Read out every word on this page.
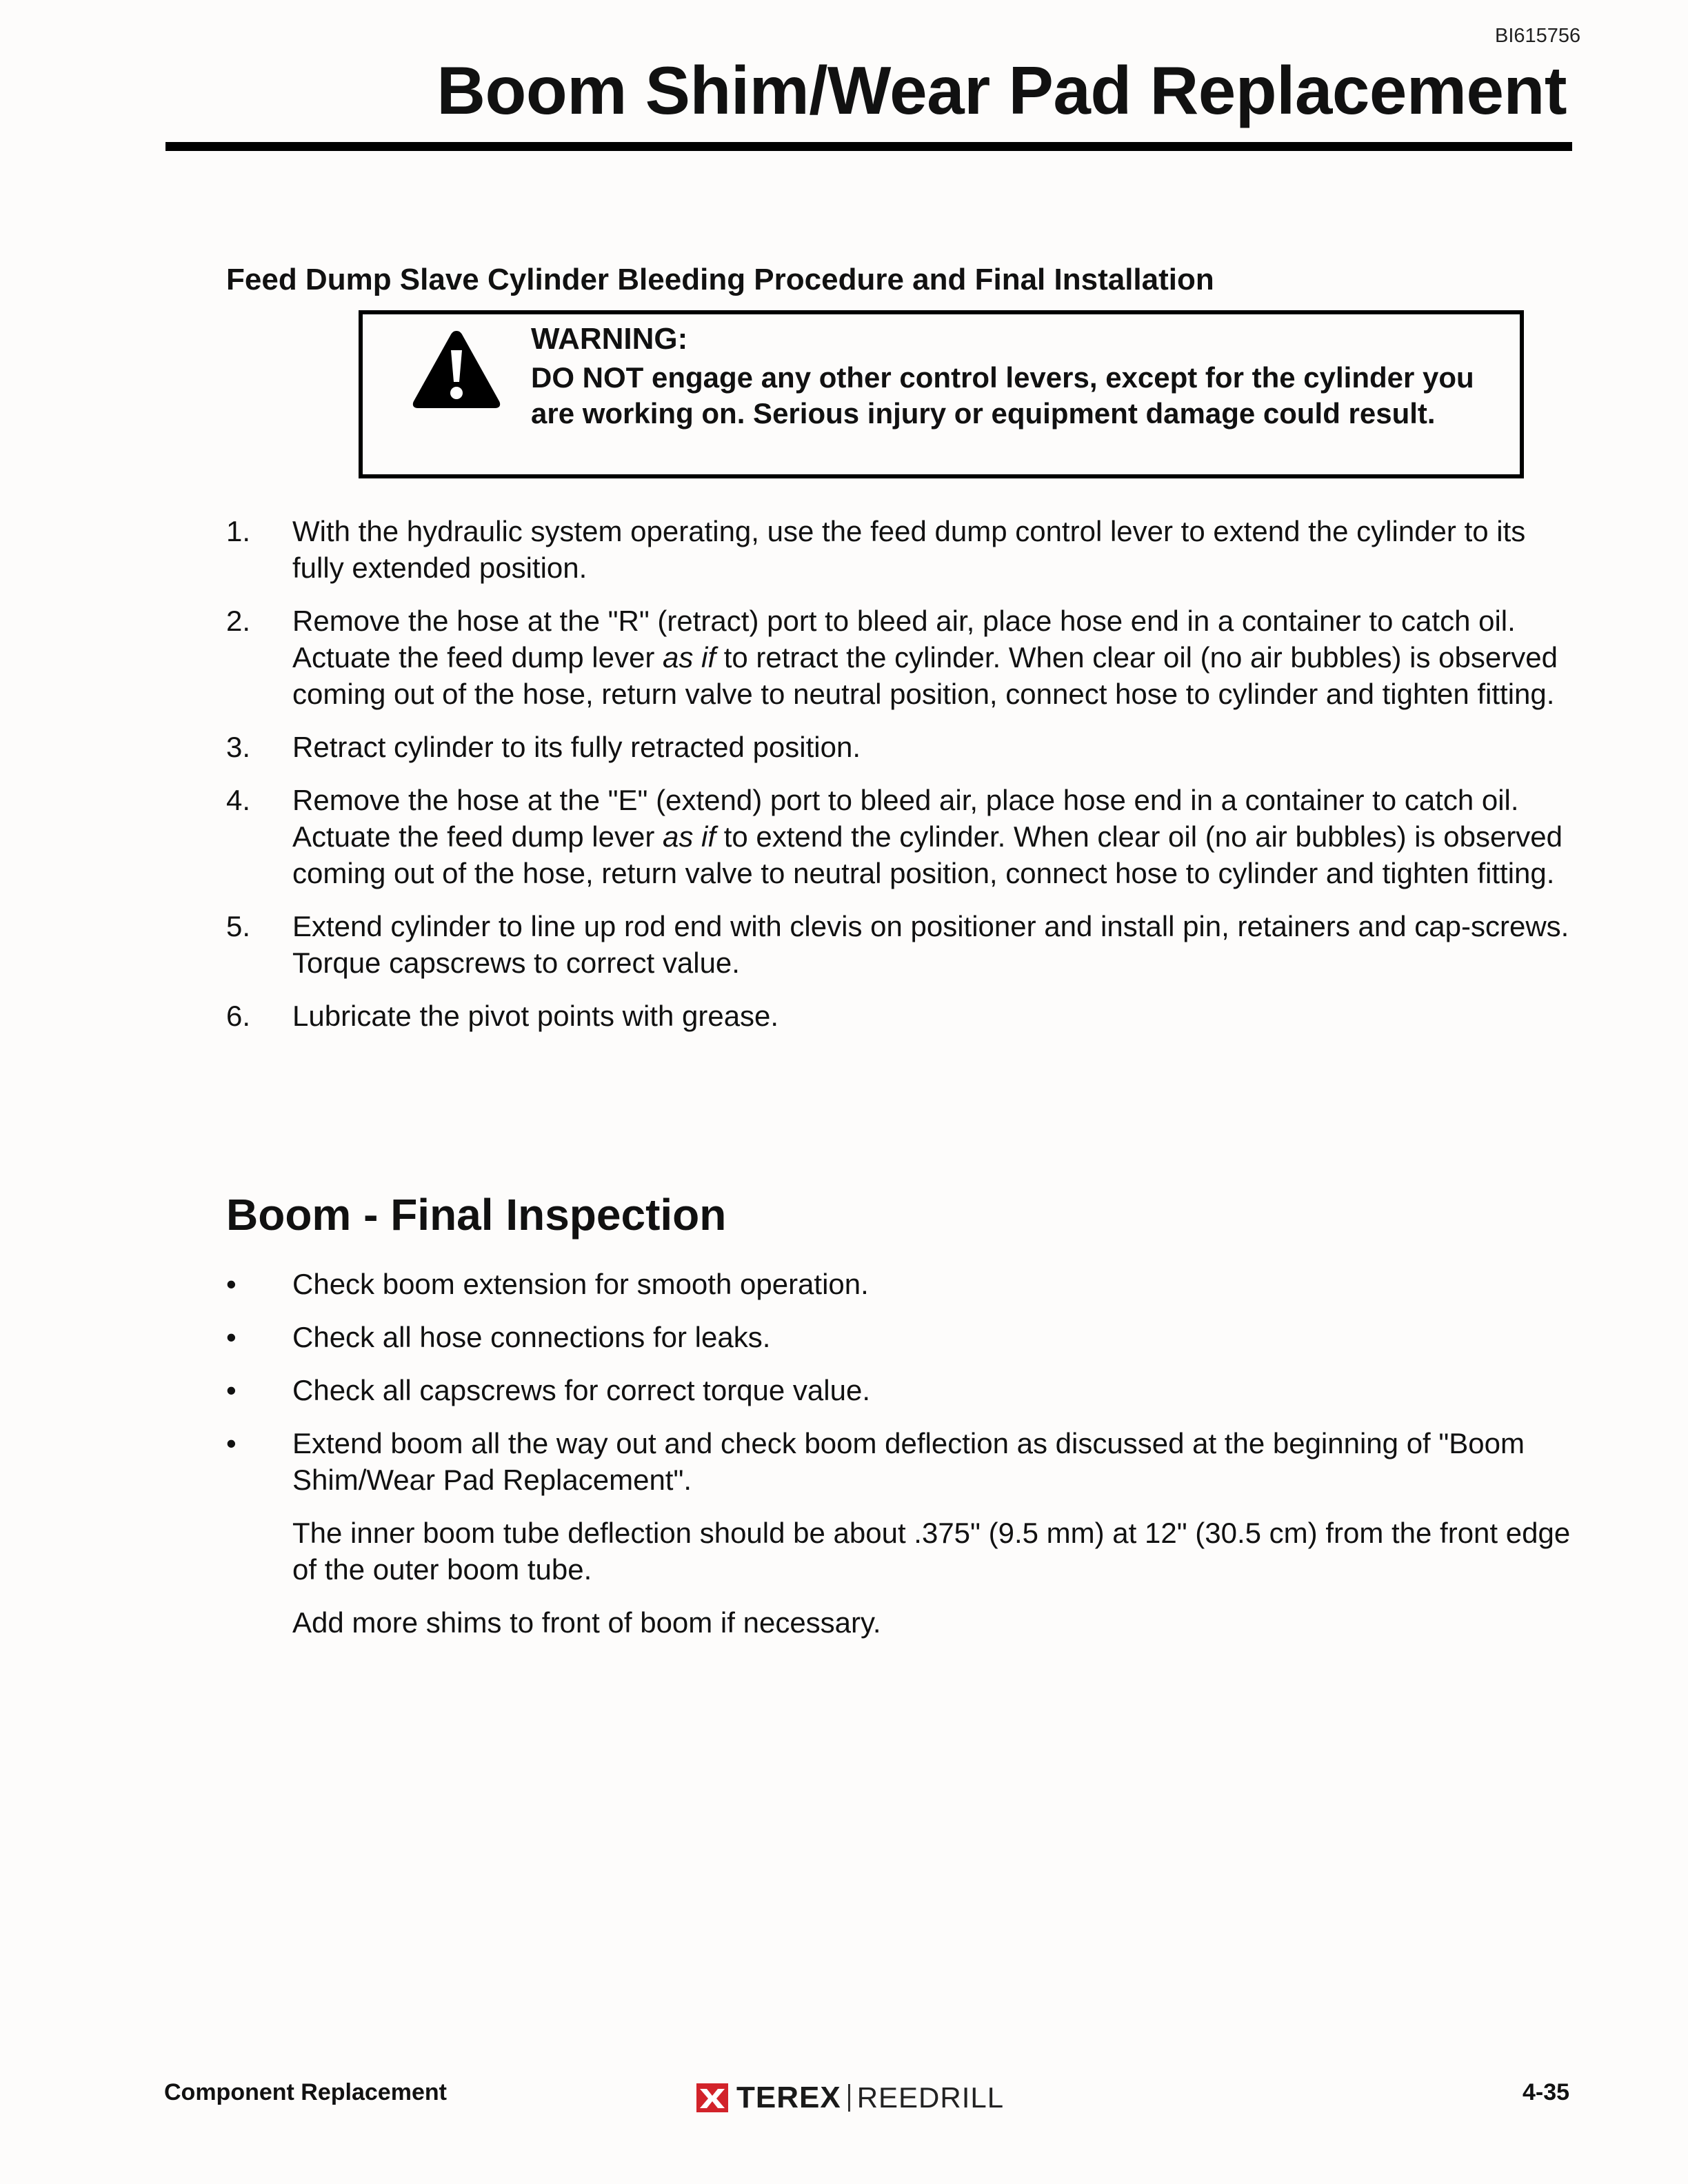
BI615756
Boom Shim/Wear Pad Replacement
Feed Dump Slave Cylinder Bleeding Procedure and Final Installation
WARNING:
DO NOT engage any other control levers, except for the cylinder you are working on. Serious injury or equipment damage could result.
1. With the hydraulic system operating, use the feed dump control lever to extend the cylinder to its fully extended position.
2. Remove the hose at the "R" (retract) port to bleed air, place hose end in a container to catch oil. Actuate the feed dump lever as if to retract the cylinder. When clear oil (no air bubbles) is observed coming out of the hose, return valve to neutral position, connect hose to cylinder and tighten fitting.
3. Retract cylinder to its fully retracted position.
4. Remove the hose at the "E" (extend) port to bleed air, place hose end in a container to catch oil. Actuate the feed dump lever as if to extend the cylinder. When clear oil (no air bubbles) is observed coming out of the hose, return valve to neutral position, connect hose to cylinder and tighten fitting.
5. Extend cylinder to line up rod end with clevis on positioner and install pin, retainers and cap-screws. Torque capscrews to correct value.
6. Lubricate the pivot points with grease.
Boom - Final Inspection
• Check boom extension for smooth operation.
• Check all hose connections for leaks.
• Check all capscrews for correct torque value.
• Extend boom all the way out and check boom deflection as discussed at the beginning of "Boom Shim/Wear Pad Replacement".

The inner boom tube deflection should be about .375" (9.5 mm) at 12" (30.5 cm) from the front edge of the outer boom tube.

Add more shims to front of boom if necessary.

Component Replacement	TEREX REEDRILL	4-35
